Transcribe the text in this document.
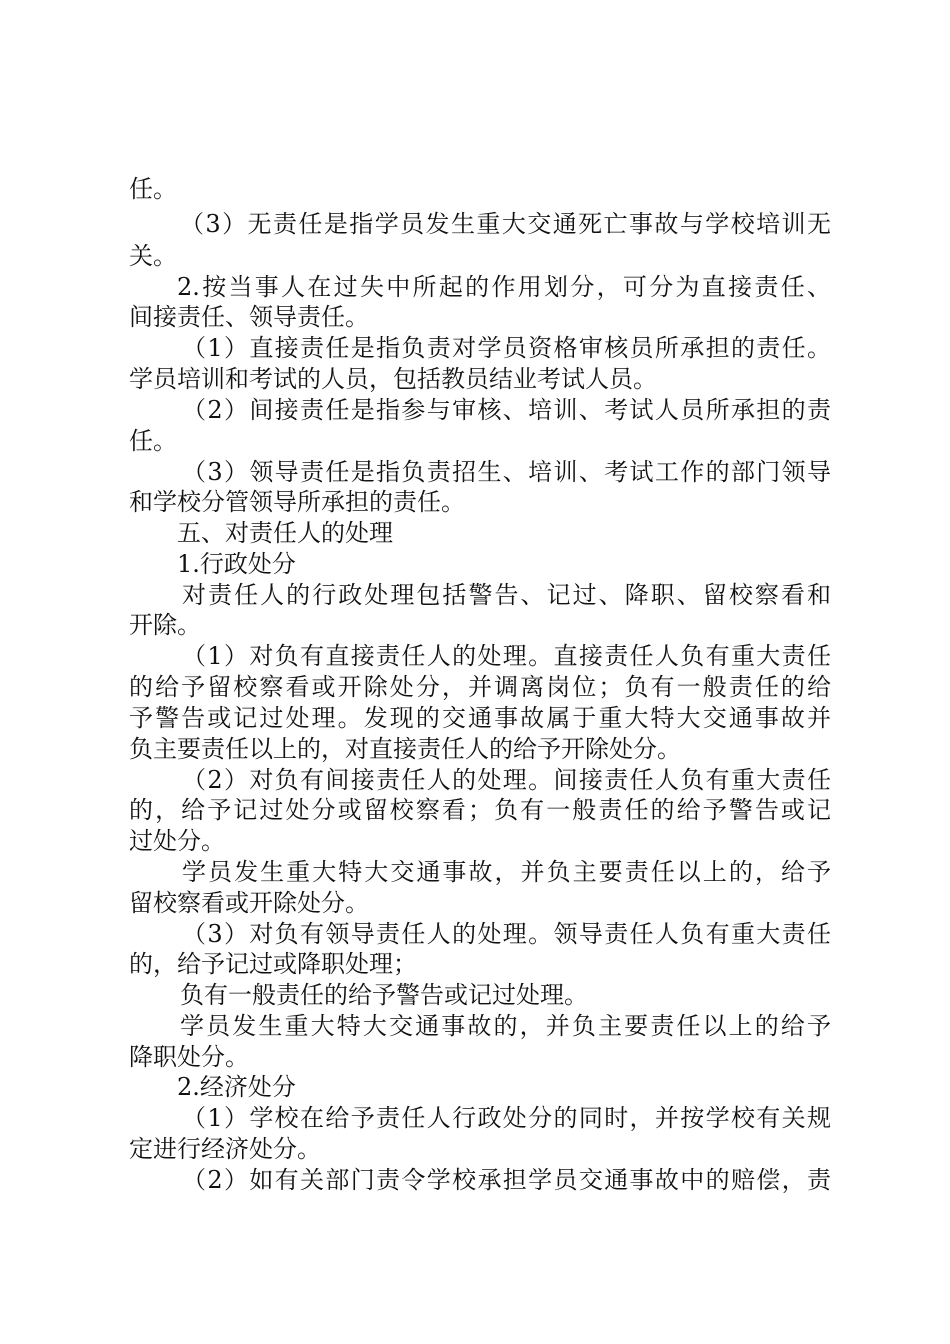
任。
（3）无责任是指学员发生重大交通死亡事故与学校培训无
关。
2.按当事人在过失中所起的作用划分，可分为直接责任、
间接责任、领导责任。
（1）直接责任是指负责对学员资格审核员所承担的责任。
学员培训和考试的人员，包括教员结业考试人员。
（2）间接责任是指参与审核、培训、考试人员所承担的责
任。
（3）领导责任是指负责招生、培训、考试工作的部门领导
和学校分管领导所承担的责任。
五、对责任人的处理
1.行政处分
对责任人的行政处理包括警告、记过、降职、留校察看和
开除。
（1）对负有直接责任人的处理。直接责任人负有重大责任
的给予留校察看或开除处分，并调离岗位；负有一般责任的给
予警告或记过处理。发现的交通事故属于重大特大交通事故并
负主要责任以上的，对直接责任人的给予开除处分。
（2）对负有间接责任人的处理。间接责任人负有重大责任
的，给予记过处分或留校察看；负有一般责任的给予警告或记
过处分。
学员发生重大特大交通事故，并负主要责任以上的，给予
留校察看或开除处分。
（3）对负有领导责任人的处理。领导责任人负有重大责任
的，给予记过或降职处理；
负有一般责任的给予警告或记过处理。
学员发生重大特大交通事故的，并负主要责任以上的给予
降职处分。
2.经济处分
（1）学校在给予责任人行政处分的同时，并按学校有关规
定进行经济处分。
（2）如有关部门责令学校承担学员交通事故中的赔偿，责
